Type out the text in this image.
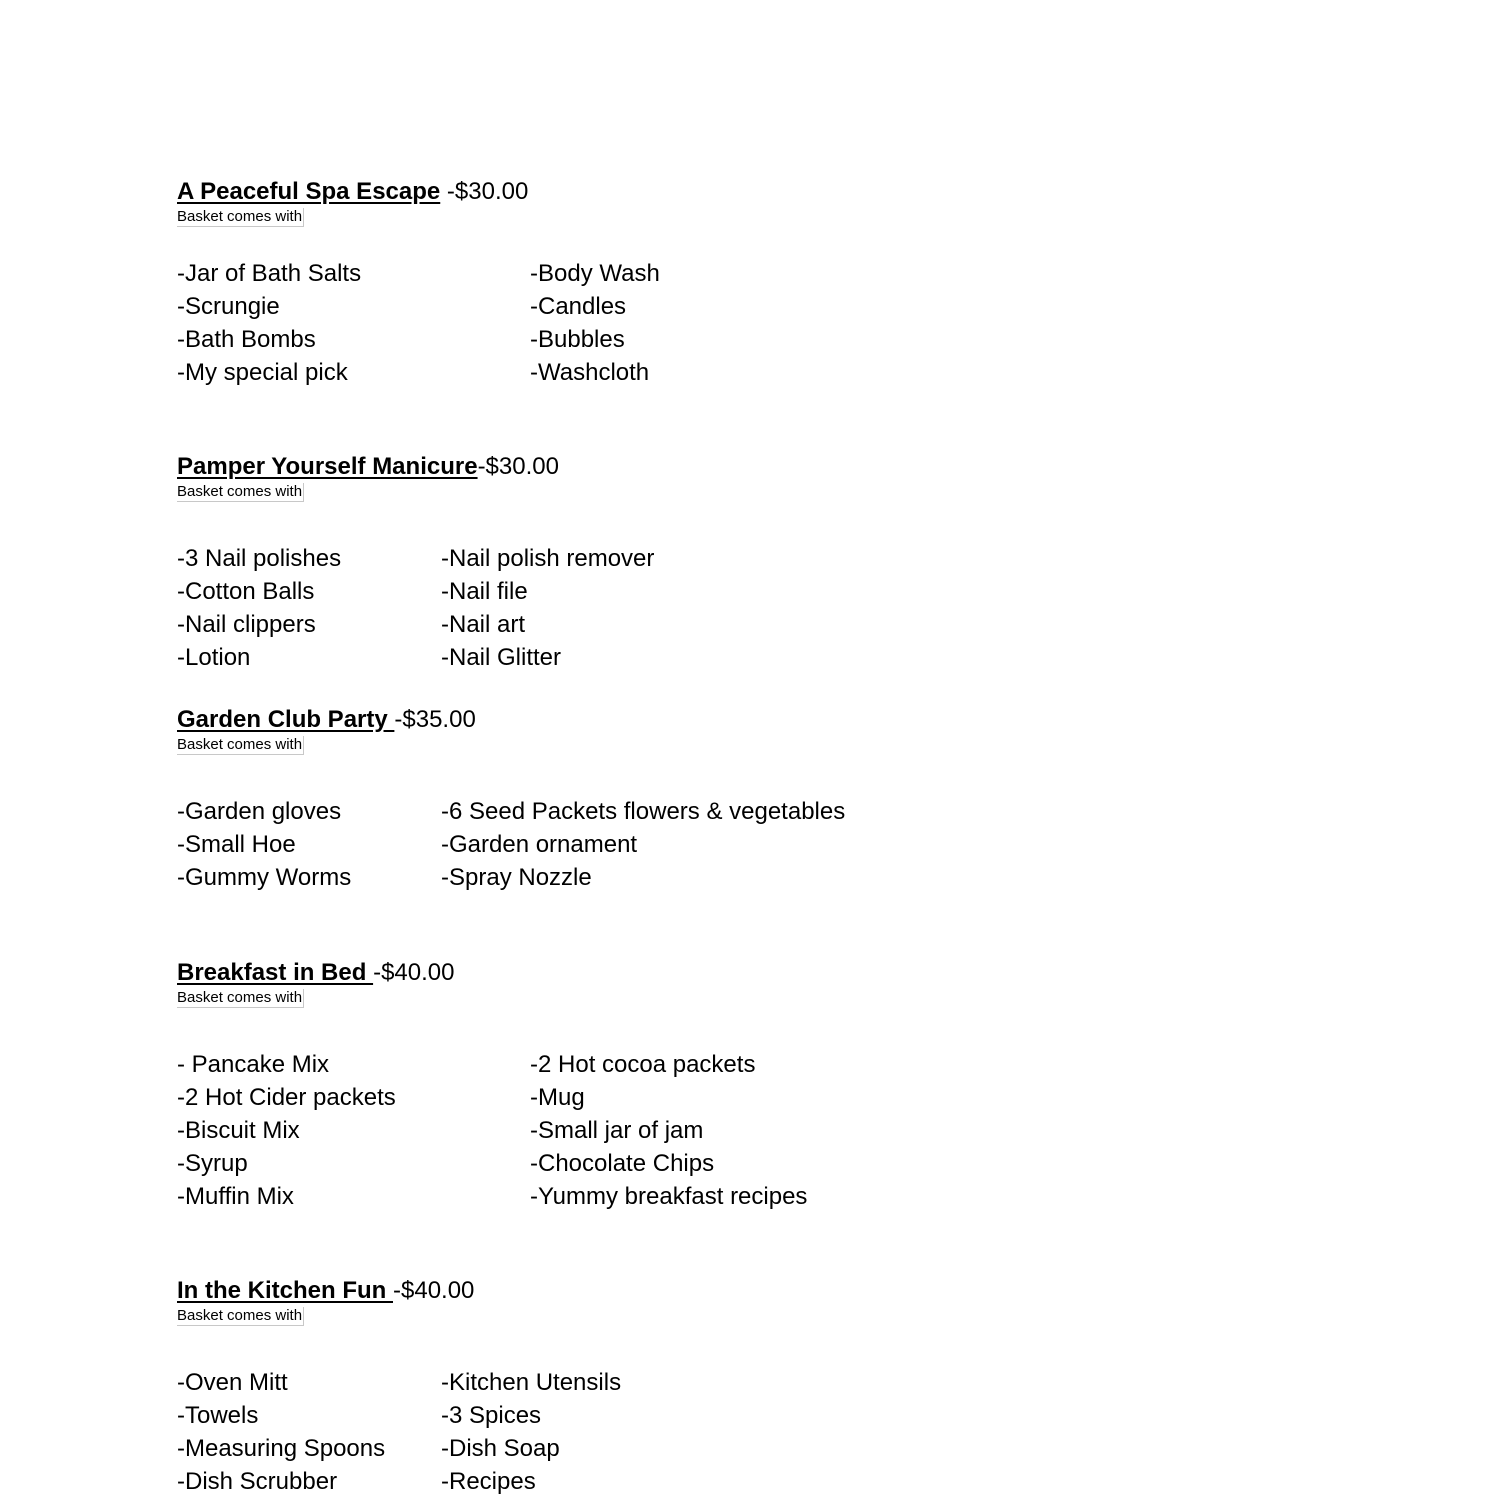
A Peaceful Spa Escape -$30.00
Basket comes with
-Jar of Bath Salts
-Scrungie
-Bath Bombs
-My special pick
-Body Wash
-Candles
-Bubbles
-Washcloth
Pamper Yourself Manicure-$30.00
Basket comes with
-3 Nail polishes
-Cotton Balls
-Nail clippers
-Lotion
-Nail polish remover
-Nail file
-Nail art
-Nail Glitter
Garden Club Party -$35.00
Basket comes with
-Garden gloves
-Small Hoe
-Gummy Worms
-6 Seed Packets flowers & vegetables
-Garden ornament
-Spray Nozzle
Breakfast in Bed -$40.00
Basket comes with
- Pancake Mix
-2 Hot Cider packets
-Biscuit Mix
-Syrup
-Muffin Mix
-2 Hot cocoa packets
-Mug
-Small jar of jam
-Chocolate Chips
-Yummy breakfast recipes
In the Kitchen Fun -$40.00
Basket comes with
-Oven Mitt
-Towels
-Measuring Spoons
-Dish Scrubber
-Kitchen Utensils
-3 Spices
-Dish Soap
-Recipes
